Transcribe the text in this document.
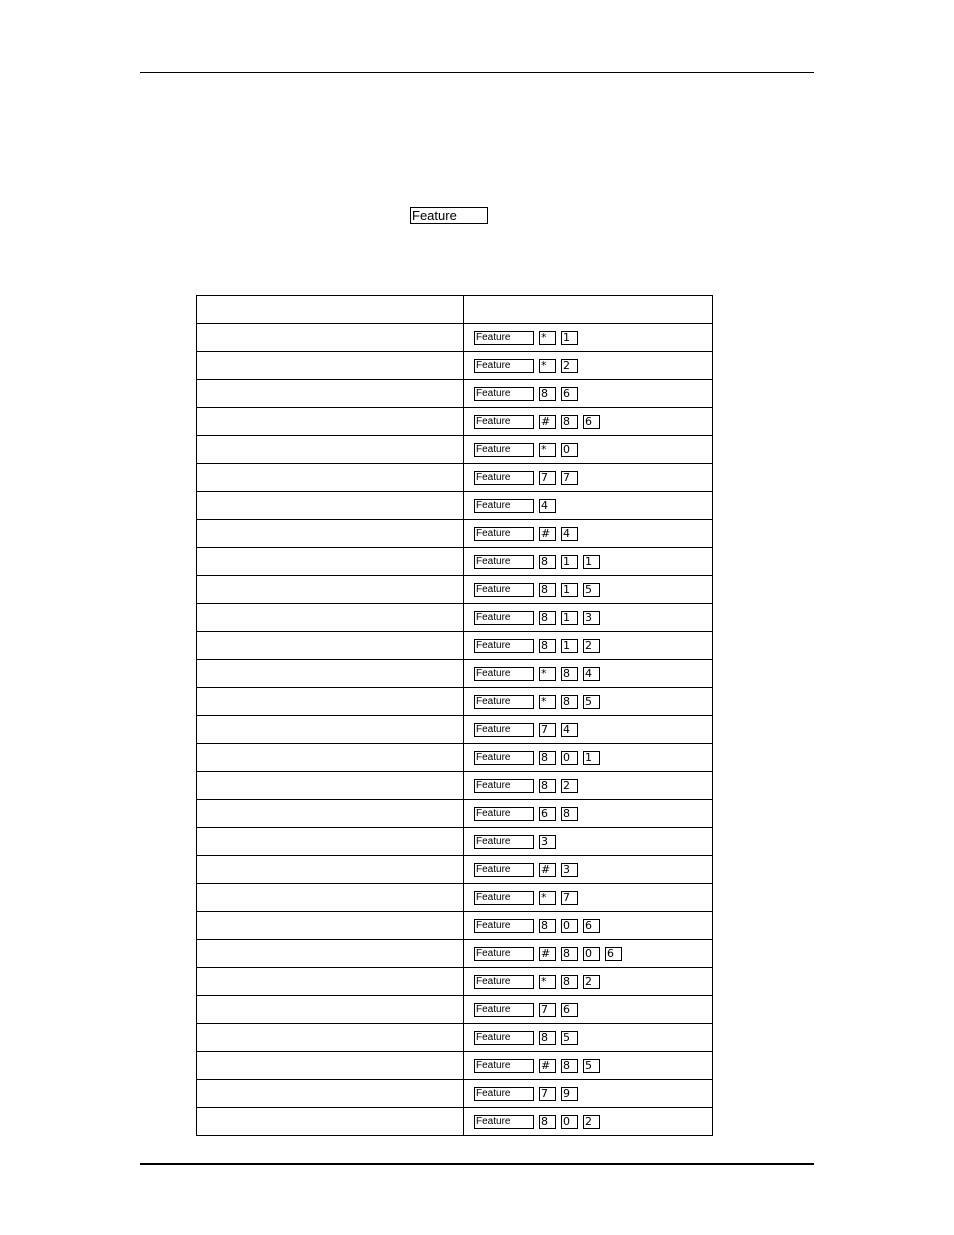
Feature

	Feature * 1

	Feature * 2

	Feature 8 6

	Feature # 8 6

	Feature * 0

	Feature 7 7

	Feature 4

	Feature # 4

	Feature 8 1 1

	Feature 8 1 5

	Feature 8 1 3

	Feature 8 1 2

	Feature * 8 4

	Feature * 8 5

	Feature 7 4

	Feature 8 0 1

	Feature 8 2

	Feature 6 8

	Feature 3

	Feature # 3

	Feature * 7

	Feature 8 0 6

	Feature # 8 0 6

	Feature * 8 2

	Feature 7 6

	Feature 8 5

	Feature # 8 5

	Feature 7 9

	Feature 8 0 2
